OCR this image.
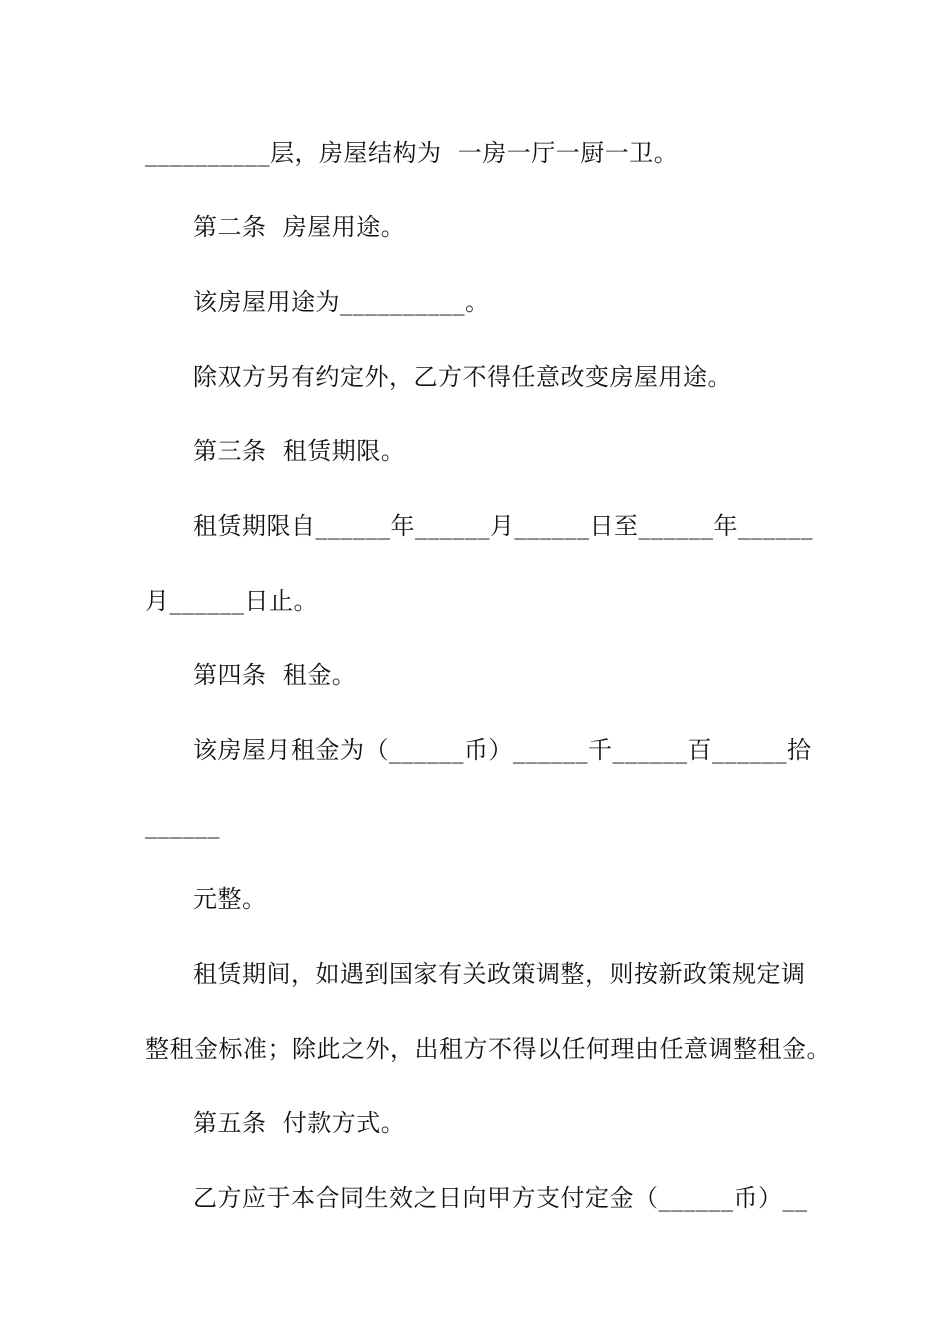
__________层，房屋结构为  一房一厅一厨一卫。
第二条  房屋用途。
该房屋用途为__________。
除双方另有约定外，乙方不得任意改变房屋用途。
第三条  租赁期限。
租赁期限自______年______月______日至______年______
月______日止。
第四条  租金。
该房屋月租金为（______币）______千______百______拾
______
元整。
租赁期间，如遇到国家有关政策调整，则按新政策规定调
整租金标准；除此之外，出租方不得以任何理由任意调整租金。
第五条  付款方式。
乙方应于本合同生效之日向甲方支付定金（______币）__
